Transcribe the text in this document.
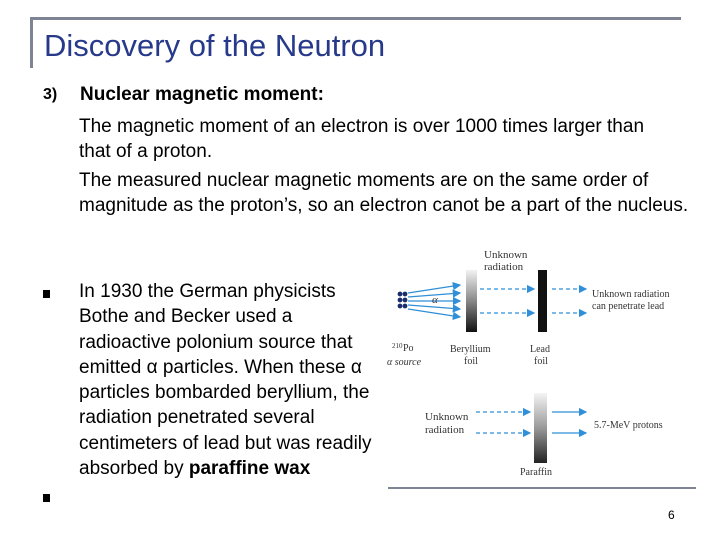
Discovery of the Neutron
3) Nuclear magnetic moment:
The magnetic moment of an electron is over 1000 times larger than that of a proton.
The measured nuclear magnetic moments are on the same order of magnitude as the proton’s, so an electron canot be a part of the nucleus.
In 1930 the German physicists Bothe and Becker used a radioactive polonium source that emitted α particles. When these α particles bombarded beryllium, the radiation penetrated several centimeters of lead but was readily absorbed by paraffine wax
Unknown
radiation
α
210 Po
α source
Beryllium
foil
Lead
foil
Unknown radiation
can penetrate lead
Unknown
radiation
Paraffin
5.7-MeV protons
6
